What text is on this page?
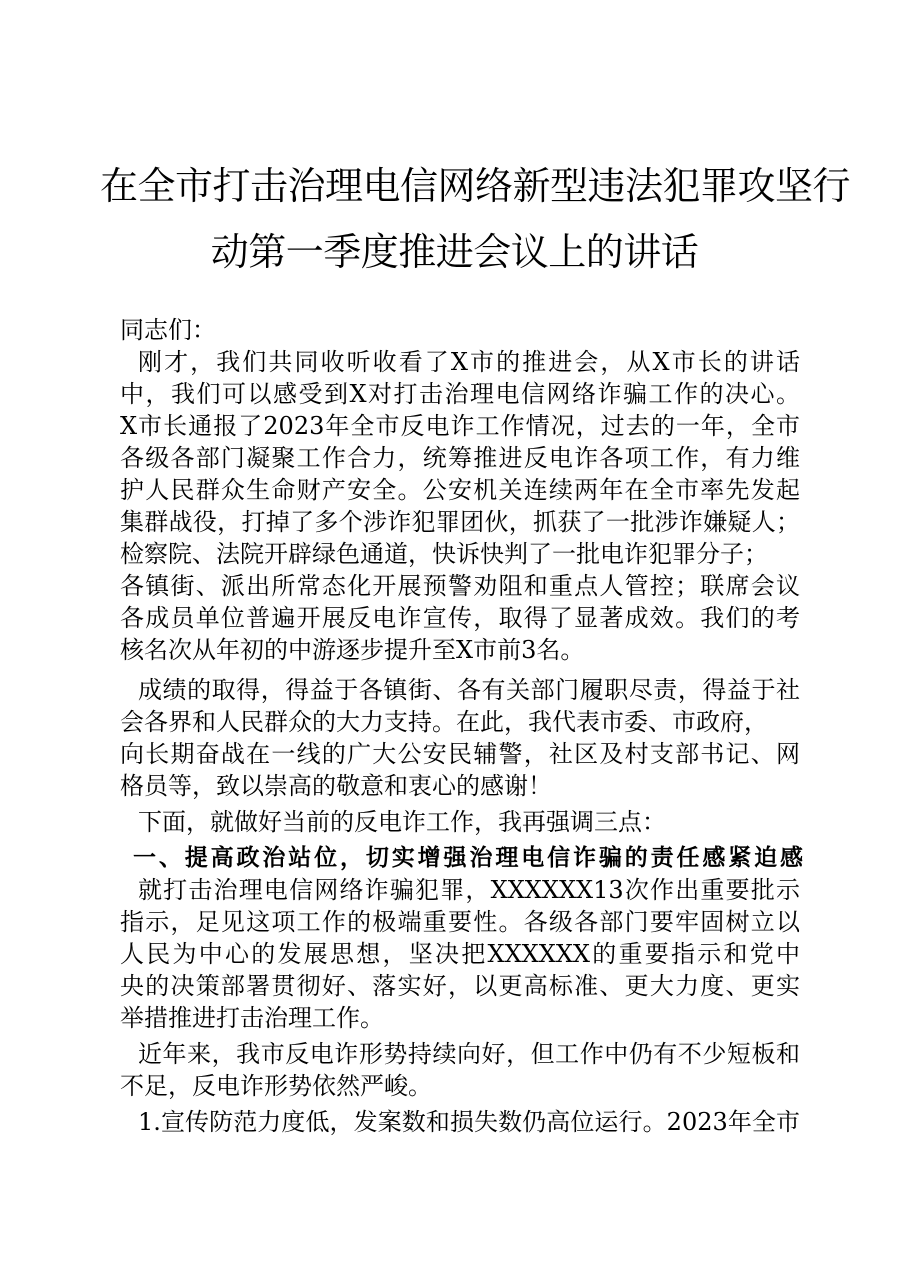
在全市打击治理电信网络新型违法犯罪攻坚行
动第一季度推进会议上的讲话
同志们：
刚才，我们共同收听收看了X市的推进会，从X市长的讲话
中，我们可以感受到X对打击治理电信网络诈骗工作的决心。
X市长通报了2023年全市反电诈工作情况，过去的一年，全市
各级各部门凝聚工作合力，统筹推进反电诈各项工作，有力维
护人民群众生命财产安全。公安机关连续两年在全市率先发起
集群战役，打掉了多个涉诈犯罪团伙，抓获了一批涉诈嫌疑人；
检察院、法院开辟绿色通道，快诉快判了一批电诈犯罪分子；
各镇街、派出所常态化开展预警劝阻和重点人管控；联席会议
各成员单位普遍开展反电诈宣传，取得了显著成效。我们的考
核名次从年初的中游逐步提升至X市前3名。
成绩的取得，得益于各镇街、各有关部门履职尽责，得益于社
会各界和人民群众的大力支持。在此，我代表市委、市政府，
向长期奋战在一线的广大公安民辅警，社区及村支部书记、网
格员等，致以崇高的敬意和衷心的感谢！
下面，就做好当前的反电诈工作，我再强调三点：
一、提高政治站位，切实增强治理电信诈骗的责任感紧迫感
就打击治理电信网络诈骗犯罪，XXXXXX13次作出重要批示
指示，足见这项工作的极端重要性。各级各部门要牢固树立以
人民为中心的发展思想，坚决把XXXXXX的重要指示和党中
央的决策部署贯彻好、落实好，以更高标准、更大力度、更实
举措推进打击治理工作。
近年来，我市反电诈形势持续向好，但工作中仍有不少短板和
不足，反电诈形势依然严峻。
1.宣传防范力度低，发案数和损失数仍高位运行。2023年全市
